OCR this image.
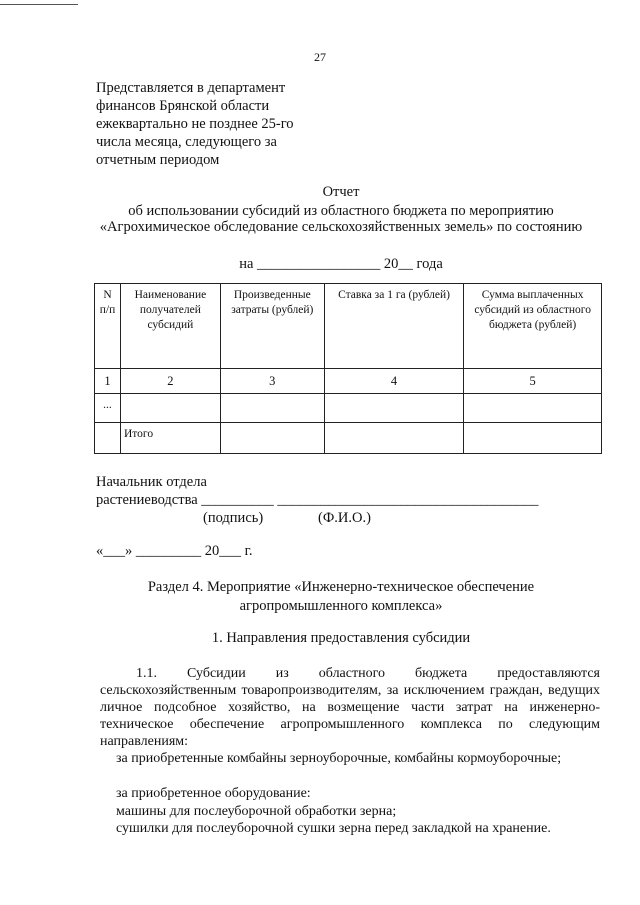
27
Представляется в департамент
финансов Брянской области
ежеквартально не позднее 25-го
числа месяца, следующего за
отчетным периодом
Отчет
об использовании субсидий из областного бюджета по мероприятию «Агрохимическое обследование сельскохозяйственных земель» по состоянию
на _________________ 20__ года
N п/п	Наименование получателей субсидий	Произведенные затраты (рублей)	Ставка за 1 га (рублей)	Сумма выплаченных субсидий из областного бюджета (рублей)
1	2	3	4	5
...				
	Итого			
Начальник отдела
растениеводства __________ ____________________________________
(подпись)	(Ф.И.О.)
«___» _________ 20___ г.
Раздел 4. Мероприятие «Инженерно-техническое обеспечение агропромышленного комплекса»
1. Направления предоставления субсидии
1.1. Субсидии из областного бюджета предоставляются сельскохозяйственным товаропроизводителям, за исключением граждан, ведущих личное подсобное хозяйство, на возмещение части затрат на инженерно-техническое обеспечение агропромышленного комплекса по следующим направлениям:
за приобретенные комбайны зерноуборочные, комбайны кормоуборочные;
за приобретенное оборудование:
машины для послеуборочной обработки зерна;
сушилки для послеуборочной сушки зерна перед закладкой на хранение.
